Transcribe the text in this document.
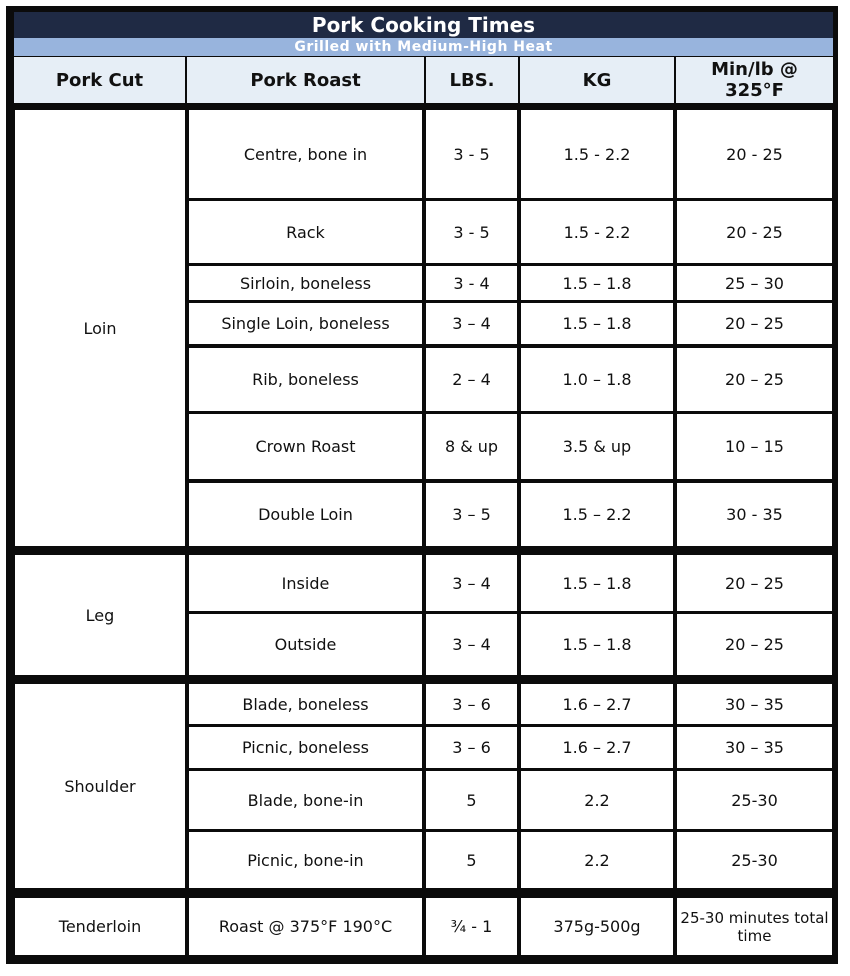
Pork Cooking Times
Grilled with Medium-High Heat
Pork Cut	Pork Roast	LBS.	KG	Min/lb @ 325°F
Loin
Centre, bone in	3 - 5	1.5 - 2.2	20 - 25
Rack	3 - 5	1.5 - 2.2	20 - 25
Sirloin, boneless	3 - 4	1.5 – 1.8	25 – 30
Single Loin, boneless	3 – 4	1.5 – 1.8	20 – 25
Rib, boneless	2 – 4	1.0 – 1.8	20 – 25
Crown Roast	8 & up	3.5 & up	10 – 15
Double Loin	3 – 5	1.5 – 2.2	30 - 35
Leg
Inside	3 – 4	1.5 – 1.8	20 – 25
Outside	3 – 4	1.5 – 1.8	20 – 25
Shoulder
Blade, boneless	3 – 6	1.6 – 2.7	30 – 35
Picnic, boneless	3 – 6	1.6 – 2.7	30 – 35
Blade, bone-in	5	2.2	25-30
Picnic, bone-in	5	2.2	25-30
Tenderloin	Roast @ 375°F 190°C	¾ - 1	375g-500g	25-30 minutes total time
